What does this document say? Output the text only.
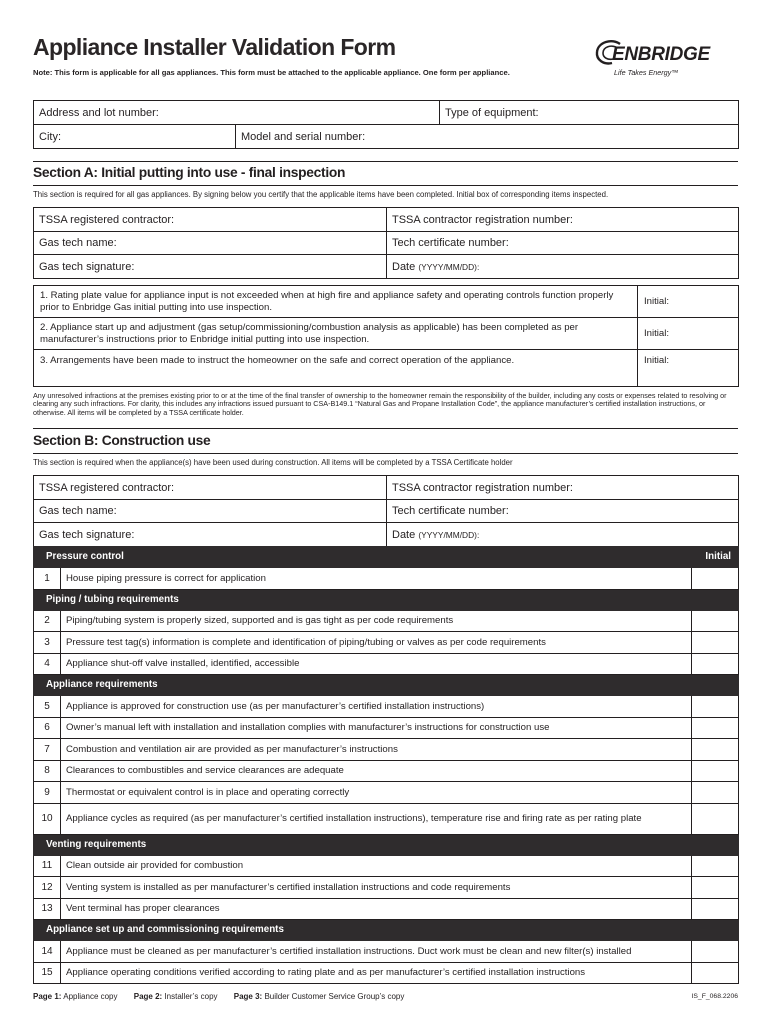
Appliance Installer Validation Form
Note: This form is applicable for all gas appliances. This form must be attached to the applicable appliance. One form per appliance.
ENBRIDGE
Life Takes Energy™
Address and lot number:		Type of equipment:
City:	Model and serial number:	
Section A: Initial putting into use - final inspection
This section is required for all gas appliances. By signing below you certify that the applicable items have been completed. Initial box of corresponding items inspected.
TSSA registered contractor:	TSSA contractor registration number:
Gas tech name:	Tech certificate number:
Gas tech signature:	Date (YYYY/MM/DD):
1. Rating plate value for appliance input is not exceeded when at high fire and appliance safety and operating controls function properly prior to Enbridge Gas initial putting into use inspection.	Initial:
2. Appliance start up and adjustment (gas setup/commissioning/combustion analysis as applicable) has been completed as per manufacturer’s instructions prior to Enbridge initial putting into use inspection.	Initial:
3. Arrangements have been made to instruct the homeowner on the safe and correct operation of the appliance.	Initial:
Any unresolved infractions at the premises existing prior to or at the time of the final transfer of ownership to the homeowner remain the responsibility of the builder, including any costs or expenses related to resolving or clearing any such infractions. For clarity, this includes any infractions issued pursuant to CSA-B149.1 “Natural Gas and Propane Installation Code”, the appliance manufacturer’s certified installation instructions, or otherwise. All items will be completed by a TSSA certificate holder.
Section B: Construction use
This section is required when the appliance(s) have been used during construction. All items will be completed by a TSSA Certificate holder
TSSA registered contractor:	TSSA contractor registration number:
Gas tech name:	Tech certificate number:
Gas tech signature:	Date (YYYY/MM/DD):
Pressure control		Initial
1	House piping pressure is correct for application	
Piping / tubing requirements		
2	Piping/tubing system is properly sized, supported and is gas tight as per code requirements	
3	Pressure test tag(s) information is complete and identification of piping/tubing or valves as per code requirements	
4	Appliance shut-off valve installed, identified, accessible	
Appliance requirements		
5	Appliance is approved for construction use (as per manufacturer’s certified installation instructions)	
6	Owner’s manual left with installation and installation complies with manufacturer’s instructions for construction use	
7	Combustion and ventilation air are provided as per manufacturer’s instructions	
8	Clearances to combustibles and service clearances are adequate	
9	Thermostat or equivalent control is in place and operating correctly	
10	Appliance cycles as required (as per manufacturer’s certified installation instructions), temperature rise and firing rate as per rating plate	
Venting requirements		
11	Clean outside air provided for combustion	
12	Venting system is installed as per manufacturer’s certified installation instructions and code requirements	
13	Vent terminal has proper clearances	
Appliance set up and commissioning requirements		
14	Appliance must be cleaned as per manufacturer’s certified installation instructions. Duct work must be clean and new filter(s) installed	
15	Appliance operating conditions verified according to rating plate and as per manufacturer’s certified installation instructions	
Page 1: Appliance copy Page 2: Installer’s copy Page 3: Builder Customer Service Group’s copy	IS_F_068.2206
